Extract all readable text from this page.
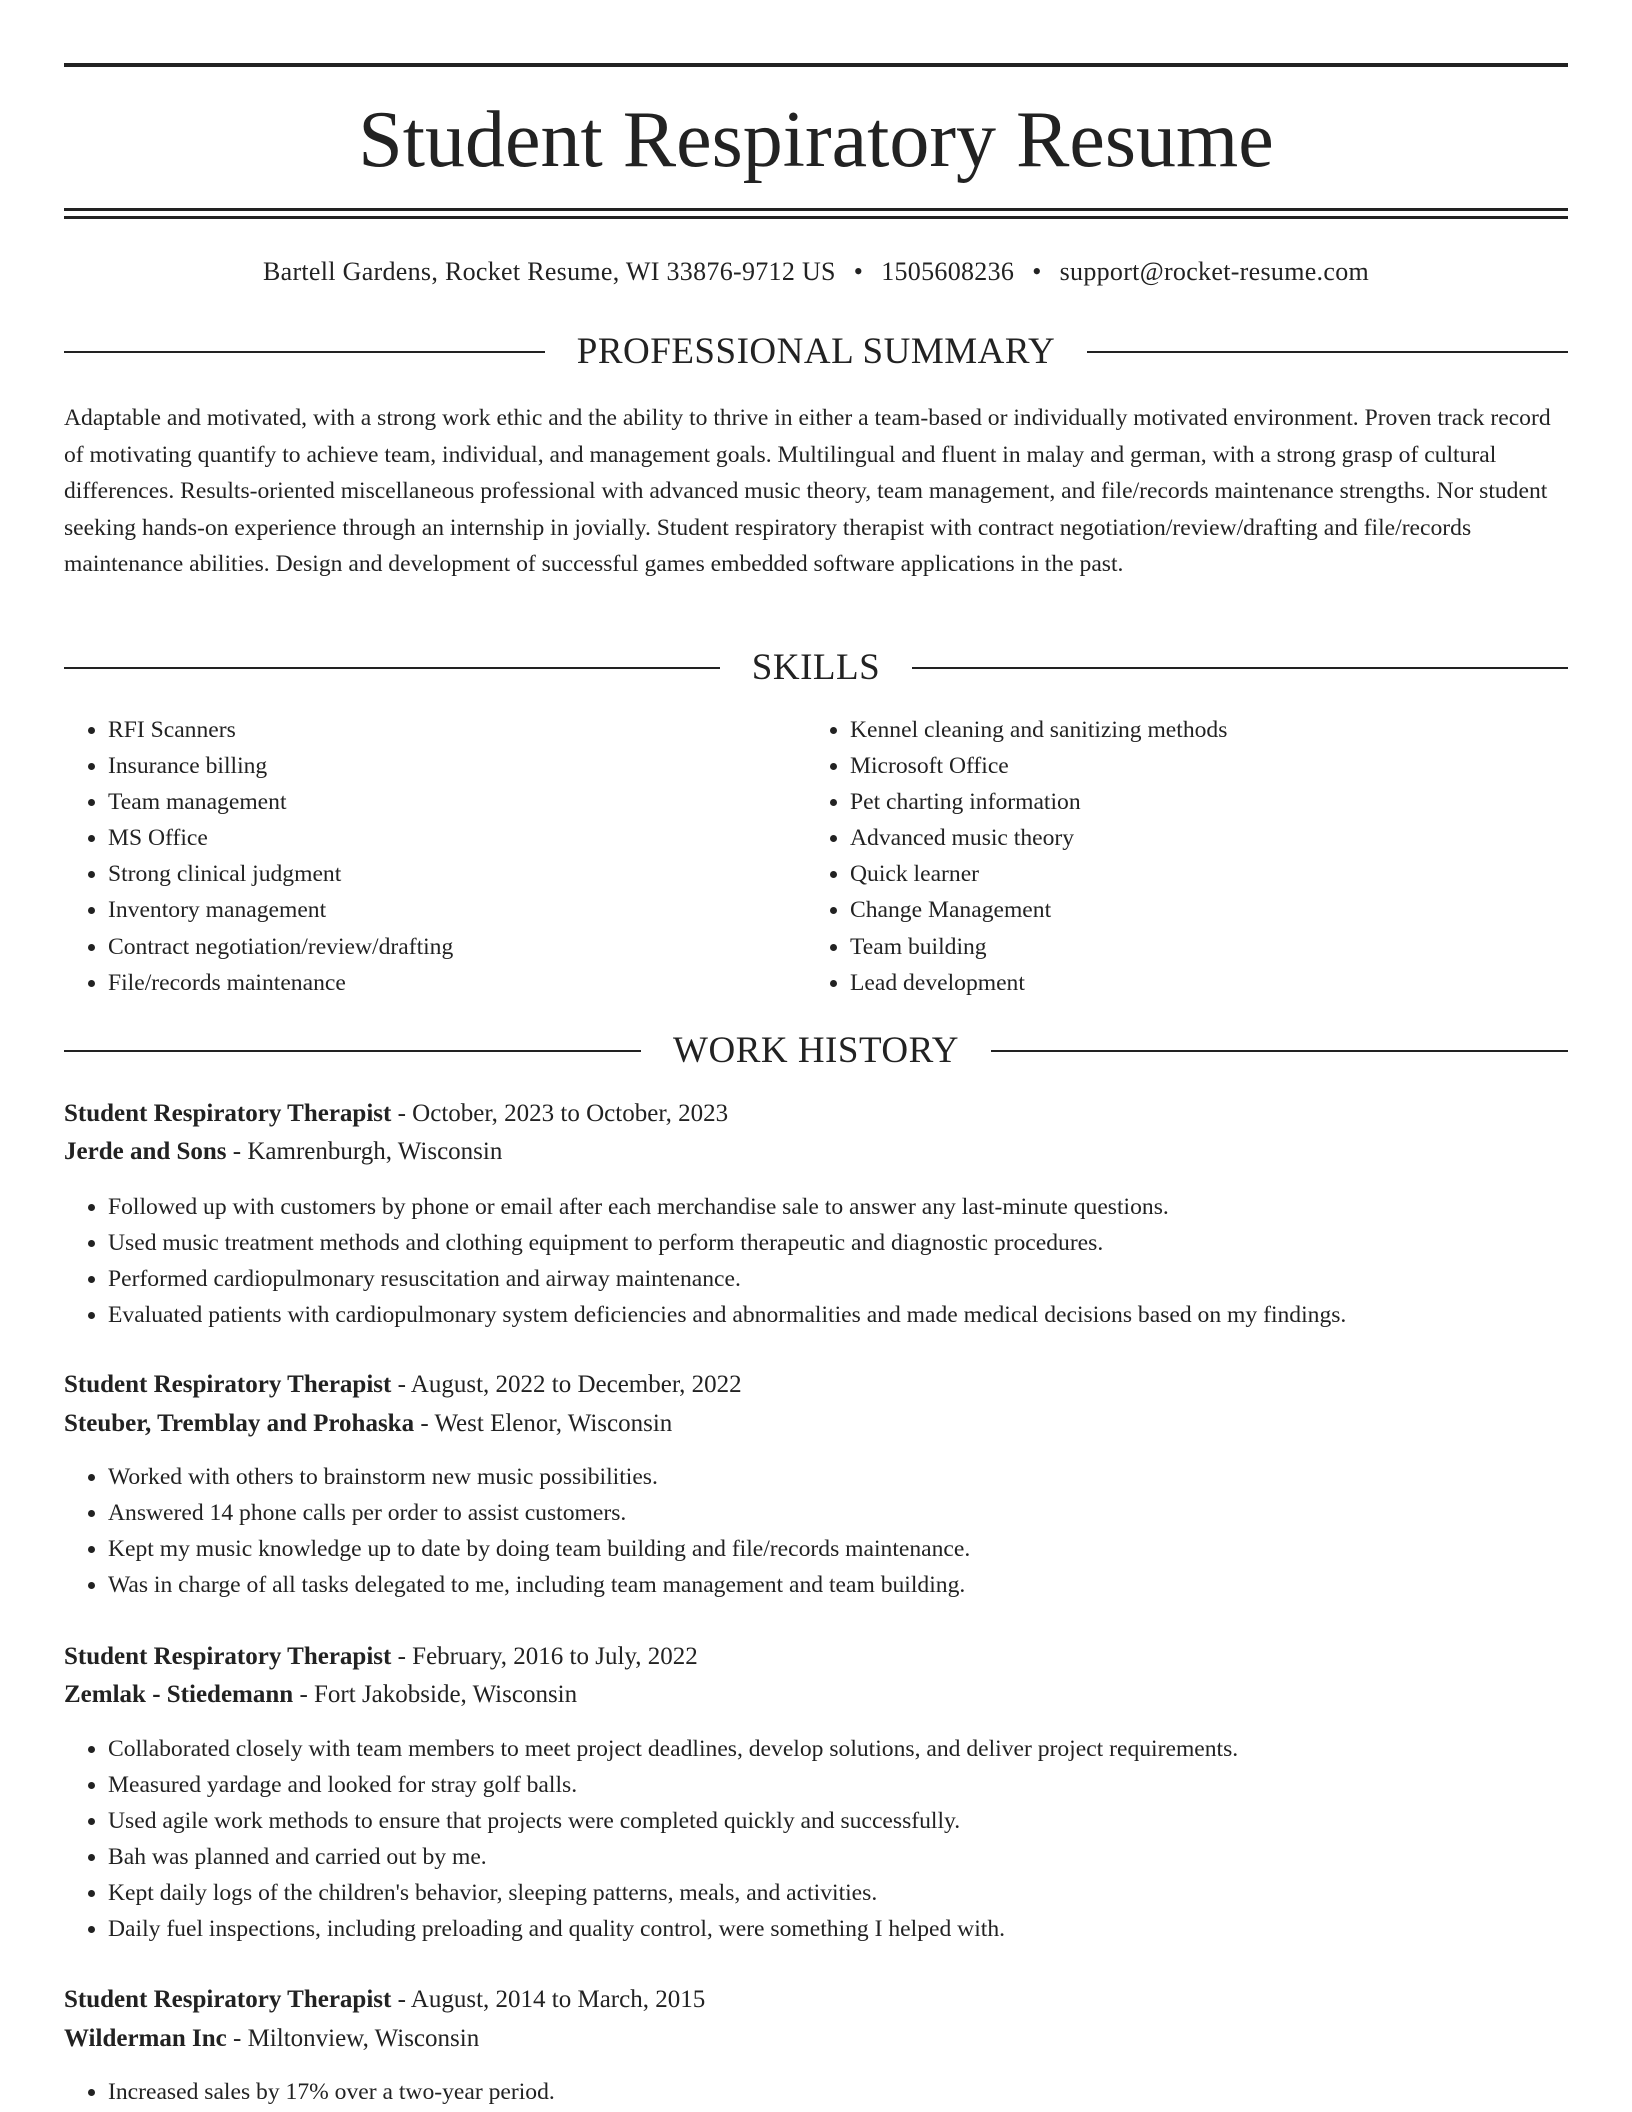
Student Respiratory Resume
Bartell Gardens, Rocket Resume, WI 33876-9712 US • 1505608236 • support@rocket-resume.com
PROFESSIONAL SUMMARY

Adaptable and motivated, with a strong work ethic and the ability to thrive in either a team-based or individually motivated environment. Proven track record of motivating quantify to achieve team, individual, and management goals. Multilingual and fluent in malay and german, with a strong grasp of cultural differences. Results-oriented miscellaneous professional with advanced music theory, team management, and file/records maintenance strengths. Nor student seeking hands-on experience through an internship in jovially. Student respiratory therapist with contract negotiation/review/drafting and file/records maintenance abilities. Design and development of successful games embedded software applications in the past.

SKILLS
• RFI Scanners
• Insurance billing
• Team management
• MS Office
• Strong clinical judgment
• Inventory management
• Contract negotiation/review/drafting
• File/records maintenance
• Kennel cleaning and sanitizing methods
• Microsoft Office
• Pet charting information
• Advanced music theory
• Quick learner
• Change Management
• Team building
• Lead development
WORK HISTORY
Student Respiratory Therapist - October, 2023 to October, 2023
Jerde and Sons - Kamrenburgh, Wisconsin
• Followed up with customers by phone or email after each merchandise sale to answer any last-minute questions.
• Used music treatment methods and clothing equipment to perform therapeutic and diagnostic procedures.
• Performed cardiopulmonary resuscitation and airway maintenance.
• Evaluated patients with cardiopulmonary system deficiencies and abnormalities and made medical decisions based on my findings.
Student Respiratory Therapist - August, 2022 to December, 2022
Steuber, Tremblay and Prohaska - West Elenor, Wisconsin
• Worked with others to brainstorm new music possibilities.
• Answered 14 phone calls per order to assist customers.
• Kept my music knowledge up to date by doing team building and file/records maintenance.
• Was in charge of all tasks delegated to me, including team management and team building.
Student Respiratory Therapist - February, 2016 to July, 2022
Zemlak - Stiedemann - Fort Jakobside, Wisconsin
• Collaborated closely with team members to meet project deadlines, develop solutions, and deliver project requirements.
• Measured yardage and looked for stray golf balls.
• Used agile work methods to ensure that projects were completed quickly and successfully.
• Bah was planned and carried out by me.
• Kept daily logs of the children's behavior, sleeping patterns, meals, and activities.
• Daily fuel inspections, including preloading and quality control, were something I helped with.
Student Respiratory Therapist - August, 2014 to March, 2015
Wilderman Inc - Miltonview, Wisconsin
• Increased sales by 17% over a two-year period.
